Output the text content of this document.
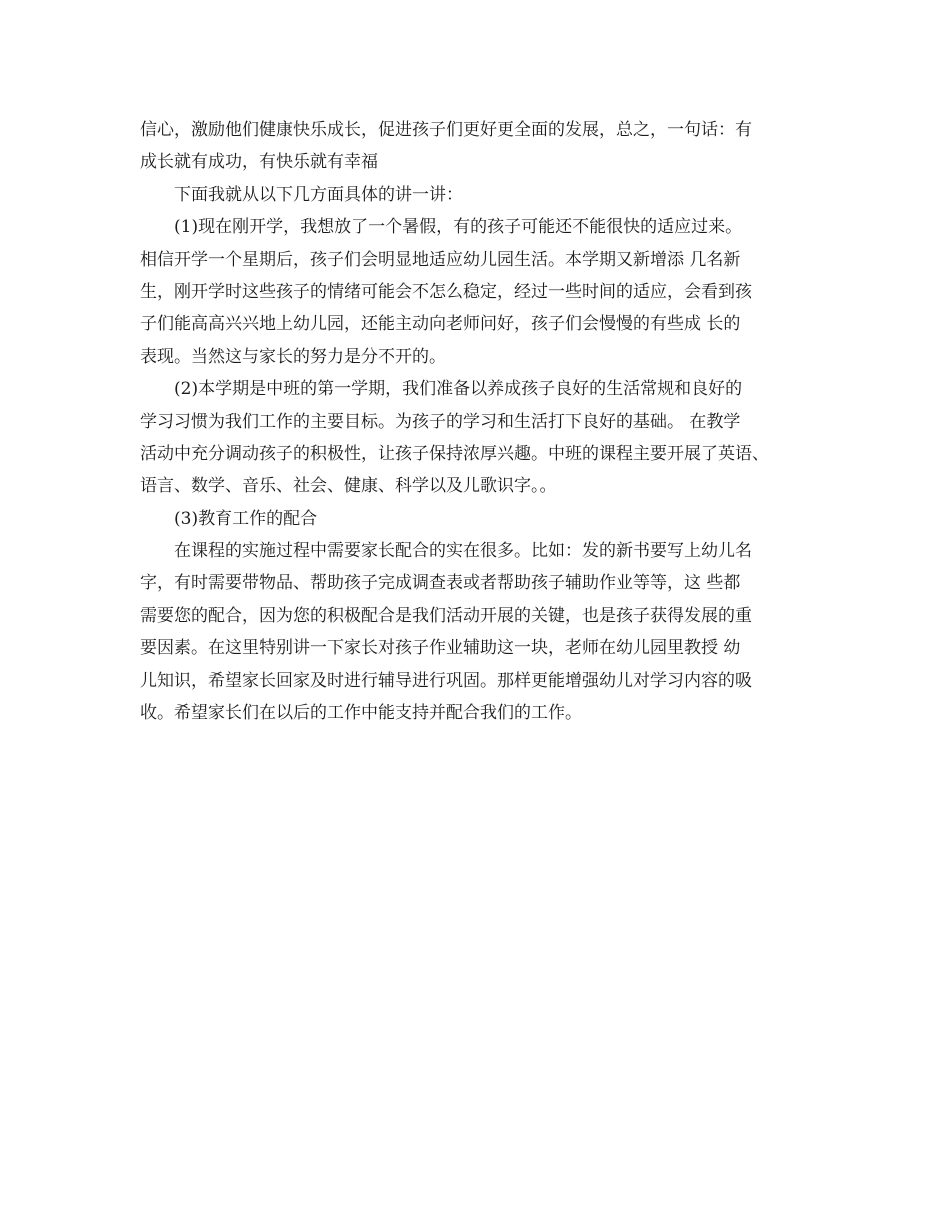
信心，激励他们健康快乐成长，促进孩子们更好更全面的发展，总之，一句话：有
成长就有成功，有快乐就有幸福
下面我就从以下几方面具体的讲一讲：
(1)现在刚开学，我想放了一个暑假，有的孩子可能还不能很快的适应过来。
相信开学一个星期后，孩子们会明显地适应幼儿园生活。本学期又新增添 几名新
生，刚开学时这些孩子的情绪可能会不怎么稳定，经过一些时间的适应，会看到孩
子们能高高兴兴地上幼儿园，还能主动向老师问好，孩子们会慢慢的有些成 长的
表现。当然这与家长的努力是分不开的。
(2)本学期是中班的第一学期，我们准备以养成孩子良好的生活常规和良好的
学习习惯为我们工作的主要目标。为孩子的学习和生活打下良好的基础。 在教学
活动中充分调动孩子的积极性，让孩子保持浓厚兴趣。中班的课程主要开展了英语、
语言、数学、音乐、社会、健康、科学以及儿歌识字。。
(3)教育工作的配合
在课程的实施过程中需要家长配合的实在很多。比如：发的新书要写上幼儿名
字，有时需要带物品、帮助孩子完成调查表或者帮助孩子辅助作业等等，这 些都
需要您的配合，因为您的积极配合是我们活动开展的关键，也是孩子获得发展的重
要因素。在这里特别讲一下家长对孩子作业辅助这一块，老师在幼儿园里教授 幼
儿知识，希望家长回家及时进行辅导进行巩固。那样更能增强幼儿对学习内容的吸
收。希望家长们在以后的工作中能支持并配合我们的工作。
